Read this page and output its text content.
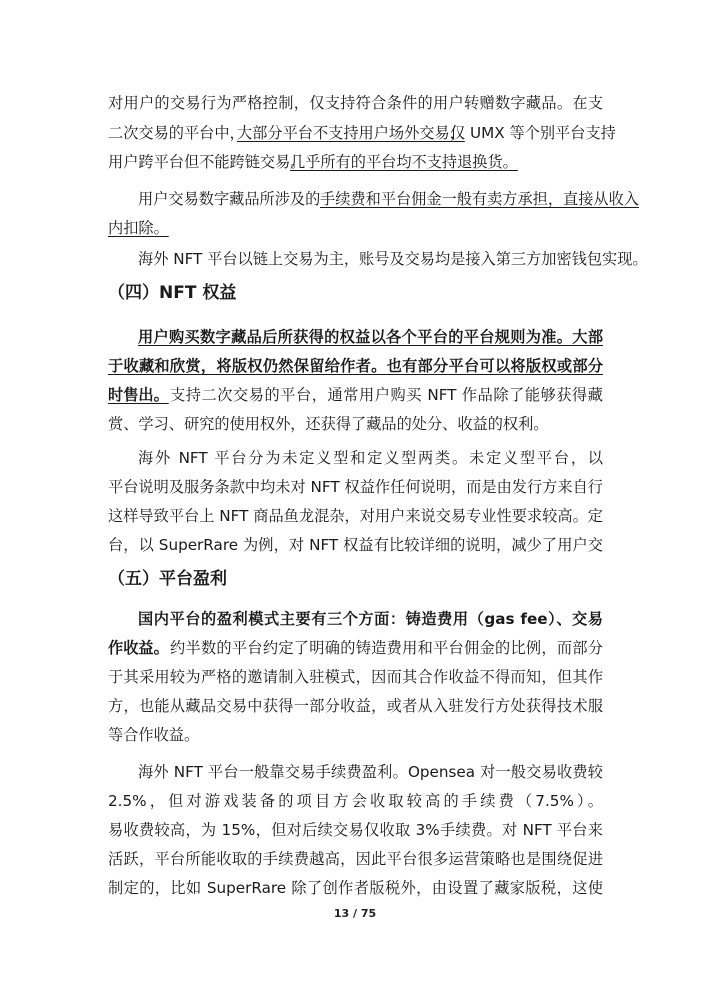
对用户的交易行为严格控制，仅支持符合条件的用户转赠数字藏品。在支
二次交易的平台中，
大部分平台不支持用户场外交易，
仅 UMX 等个别平台支持
用户跨平台但不能跨链交易。
几乎所有的平台均不支持退换货。
用户交易数字藏品所涉及的 手续费和平台佣金一般有卖方承担，直接从收入
内扣除。
海外 NFT 平台以链上交易为主，账号及交易均是接入第三方加密钱包实现。
（四）NFT 权益
用户购买数字藏品后所获得的权益以各个平台的平台规则为准。大部
于收藏和欣赏，将版权仍然保留给作者。也有部分平台可以将版权或部分
时售出。 支持二次交易的平台，通常用户购买 NFT 作品除了能够获得藏
赏、学习、研究的使用权外，还获得了藏品的处分、收益的权利。
海外 NFT 平台分为未定义型和定义型两类。未定义型平台，以
平台说明及服务条款中均未对 NFT 权益作任何说明，而是由发行方来自行
这样导致平台上 NFT 商品鱼龙混杂，对用户来说交易专业性要求较高。定
台，以 SuperRare 为例，对 NFT 权益有比较详细的说明，减少了用户交
（五）平台盈利
国内平台的盈利模式主要有三个方面：铸造费用（gas fee）、交易
作收益。 约半数的平台约定了明确的铸造费用和平台佣金的比例，而部分
于其采用较为严格的邀请制入驻模式，因而其合作收益不得而知，但其作
方，也能从藏品交易中获得一部分收益，或者从入驻发行方处获得技术服
等合作收益。
海外 NFT 平台一般靠交易手续费盈利。Opensea 对一般交易收费较
2.5%，但对游戏装备的项目方会收取较高的手续费（7.5%）。
易收费较高，为 15%，但对后续交易仅收取 3%手续费。对 NFT 平台来
活跃，平台所能收取的手续费越高，因此平台很多运营策略也是围绕促进
制定的，比如 SuperRare 除了创作者版税外，由设置了藏家版税，这使
13 / 75
